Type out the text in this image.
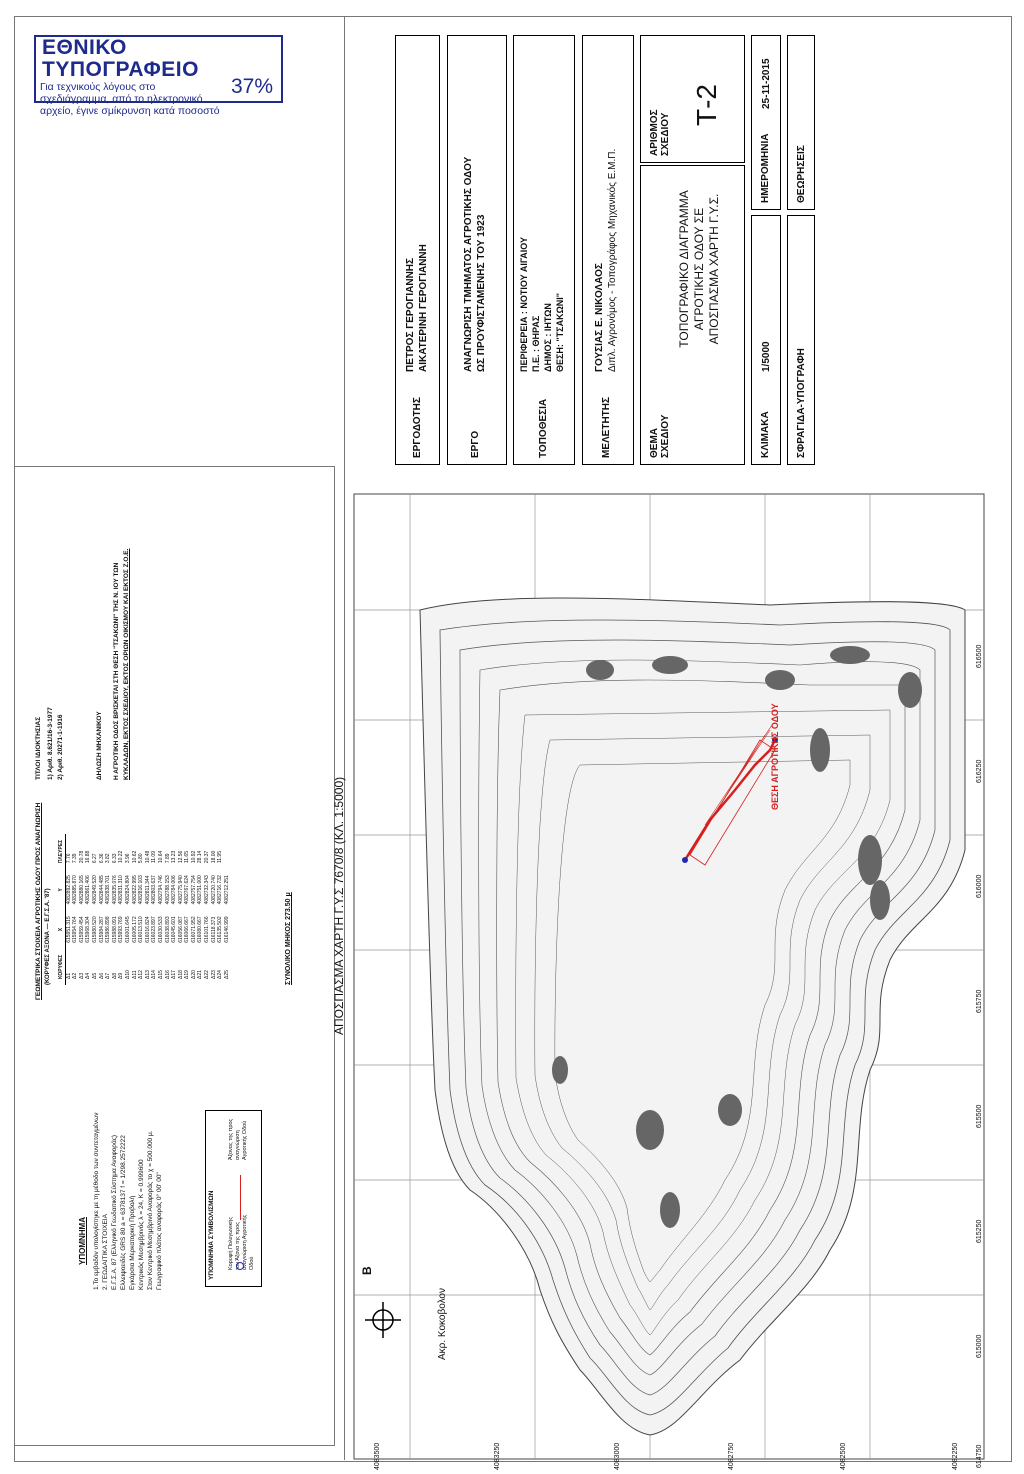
ΕΘΝΙΚΟ ΤΥΠΟΓΡΑΦΕΙΟ
Για τεχνικούς λόγους στο σχεδιάγραμμα, από το ηλεκτρονικό αρχείο, έγινε σμίκρυνση κατά ποσοστό
37%
ΕΡΓΟΔΟΤΗΣ
ΠΕΤΡΟΣ ΓΕΡΟΓΙΑΝΝΗΣ ΑΙΚΑΤΕΡΙΝΗ ΓΕΡΟΓΙΑΝΝΗ
ΕΡΓΟ
ΑΝΑΓΝΩΡΙΣΗ ΤΜΗΜΑΤΟΣ ΑΓΡΟΤΙΚΗΣ ΟΔΟΥ ΩΣ ΠΡΟΥΦΙΣΤΑΜΕΝΗΣ ΤΟΥ 1923
ΤΟΠΟΘΕΣΙΑ
ΠΕΡΙΦΕΡΕΙΑ : ΝΟΤΙΟΥ ΑΙΓΑΙΟΥ Π.Ε. : ΘΗΡΑΣ ΔΗΜΟΣ : ΙΗΤΩΝ ΘΕΣΗ: "ΤΣΑΚΩΝΙ"
ΜΕΛΕΤΗΤΗΣ
ΓΟΥΣΙΑΣ Ε. ΝΙΚΟΛΑΟΣ Διπλ. Αγρονόμος - Τοπογράφος Μηχανικός Ε.Μ.Π.
ΘΕΜΑ ΣΧΕΔΙΟΥ
ΤΟΠΟΓΡΑΦΙΚΟ ΔΙΑΓΡΑΜΜΑ ΑΓΡΟΤΙΚΗΣ ΟΔΟΥ ΣΕ ΑΠΟΣΠΑΣΜΑ ΧΑΡΤΗ Γ.Υ.Σ.
ΑΡΙΘΜΟΣ ΣΧΕΔΙΟΥ
Τ-2
ΚΛΙΜΑΚΑ
1/5000
ΗΜΕΡΟΜΗΝΙΑ
25-11-2015
ΣΦΡΑΓΙΔΑ-ΥΠΟΓΡΑΦΗ
ΘΕΩΡΗΣΕΙΣ
ΑΠΟΣΠΑΣΜΑ ΧΑΡΤΗ Γ.Υ.Σ 7670/8 (ΚΛ. 1:5000)
Β
Ακρ. Κοκοβολον
ΘΕΣΗ ΑΓΡΟΤΙΚΗΣ ΟΔΟΥ
614750
615000
615250
615500
615750
616000
616250
616500
4082250
4082500
4082750
4083000
4083250
4083500
ΥΠΟΜΝΗΜΑ 1.Το εμβαδόν υπολογίστηκε με τη μέθοδο των συντεταγμένων 2. ΓΕΩΔΑΙΤΙΚΑ ΣΤΟΙΧΕΙΑ Ε.Γ.Σ.Α. 87 (Ελληνικό Γεωδαιτικό Σύστημα Αναφοράς) Ελλειψοειδές GRS 80 a = 6378137 f = 1/298.2572222 Εγκάρσια Μερκατορική Προβολή Κεντρικός Μεσημβρινός λ = 24, Κ = 0.999600 Στον Κεντρικό Μεσημβρινό Αναφοράς το χ = 500.000 μ. Γεωγραφικό πλάτος αναφοράς 0° 00' 00"	ΥΠΟΜΝΗΜΑ ΣΥΜΒΟΛΙΣΜΩΝ Κορυφή Πολυγωνικής του Άξονα της προς αναγνώριση Αγροτικής Οδού
Άξονας της προς αναγνώριση Αγροτικής Οδού
ΓΕΩΜΕΤΡΙΚΑ ΣΤΟΙΧΕΙΑ ΑΓΡΟΤΙΚΗΣ ΟΔΟΥ ΠΡΟΣ ΑΝΑΓΝΩΡΙΣΗ (ΚΟΡΥΦΕΣ ΑΞΟΝΑ — Ε.Γ.Σ.Α. '87) ΚΟΡΥΦΕΣ	X	Y	ΠΛΕΥΡΕΣ
Δ1	615951.315	4082892.825	7.76
Δ2	615954.764	4082885.870	7.39
Δ3	615959.454	4082880.165	20.78
Δ4	615968.304	4082861.406	16.88
Δ5	615980.520	4082849.520	6.27
Δ6	615984.287	4082844.485	6.36
Δ7	615986.898	4082838.701	3.82
Δ8	615988.091	4082835.076	6.33
Δ9	615993.769	4082831.310	10.22
Δ10	616001.645	4082824.804	3.96
Δ11	616005.172	4082822.995	10.62
Δ12	616013.510	4082816.103	5.80
Δ13	616016.824	4082811.344	10.48
Δ14	616023.897	4082803.637	11.09
Δ15	616030.533	4082794.746	10.64
Δ16	616038.893	4082788.153	7.89
Δ17	616045.601	4082784.006	13.23
Δ18	616056.087	4082775.940	12.56
Δ19	616066.667	4082767.624	11.65
Δ20	616071.952	4082757.754	10.92
Δ21	616080.667	4082751.000	28.14
Δ22	616101.766	4082732.343	20.37
Δ23	616118.373	4082720.740	18.00
Δ24	616135.502	4082716.732	11.95
Δ25	616146.999	4082712.251	
ΣΥΝΟΛΙΚΟ ΜΗΚΟΣ 273.50 μ
ΤΙΤΛΟΙ ΙΔΙΟΚΤΗΣΙΑΣ 1) Αριθ. 8.621/16-3-1977 2) Αριθ. 20271-1-1916	ΔΗΛΩΣΗ ΜΗΧΑΝΙΚΟΥ Η ΑΓΡΟΤΙΚΗ ΟΔΟΣ ΒΡΙΣΚΕΤΑΙ ΣΤΗ ΘΕΣΗ "ΤΣΑΚΩΝΙ" ΤΗΣ Ν. ΙΟΥ ΤΩΝ ΚΥΚΛΑΔΩΝ, ΕΚΤΟΣ ΣΧΕΔΙΟΥ, ΕΚΤΟΣ ΟΡΙΩΝ ΟΙΚΙΣΜΟΥ ΚΑΙ ΕΚΤΟΣ Ζ.Ο.Ε.
